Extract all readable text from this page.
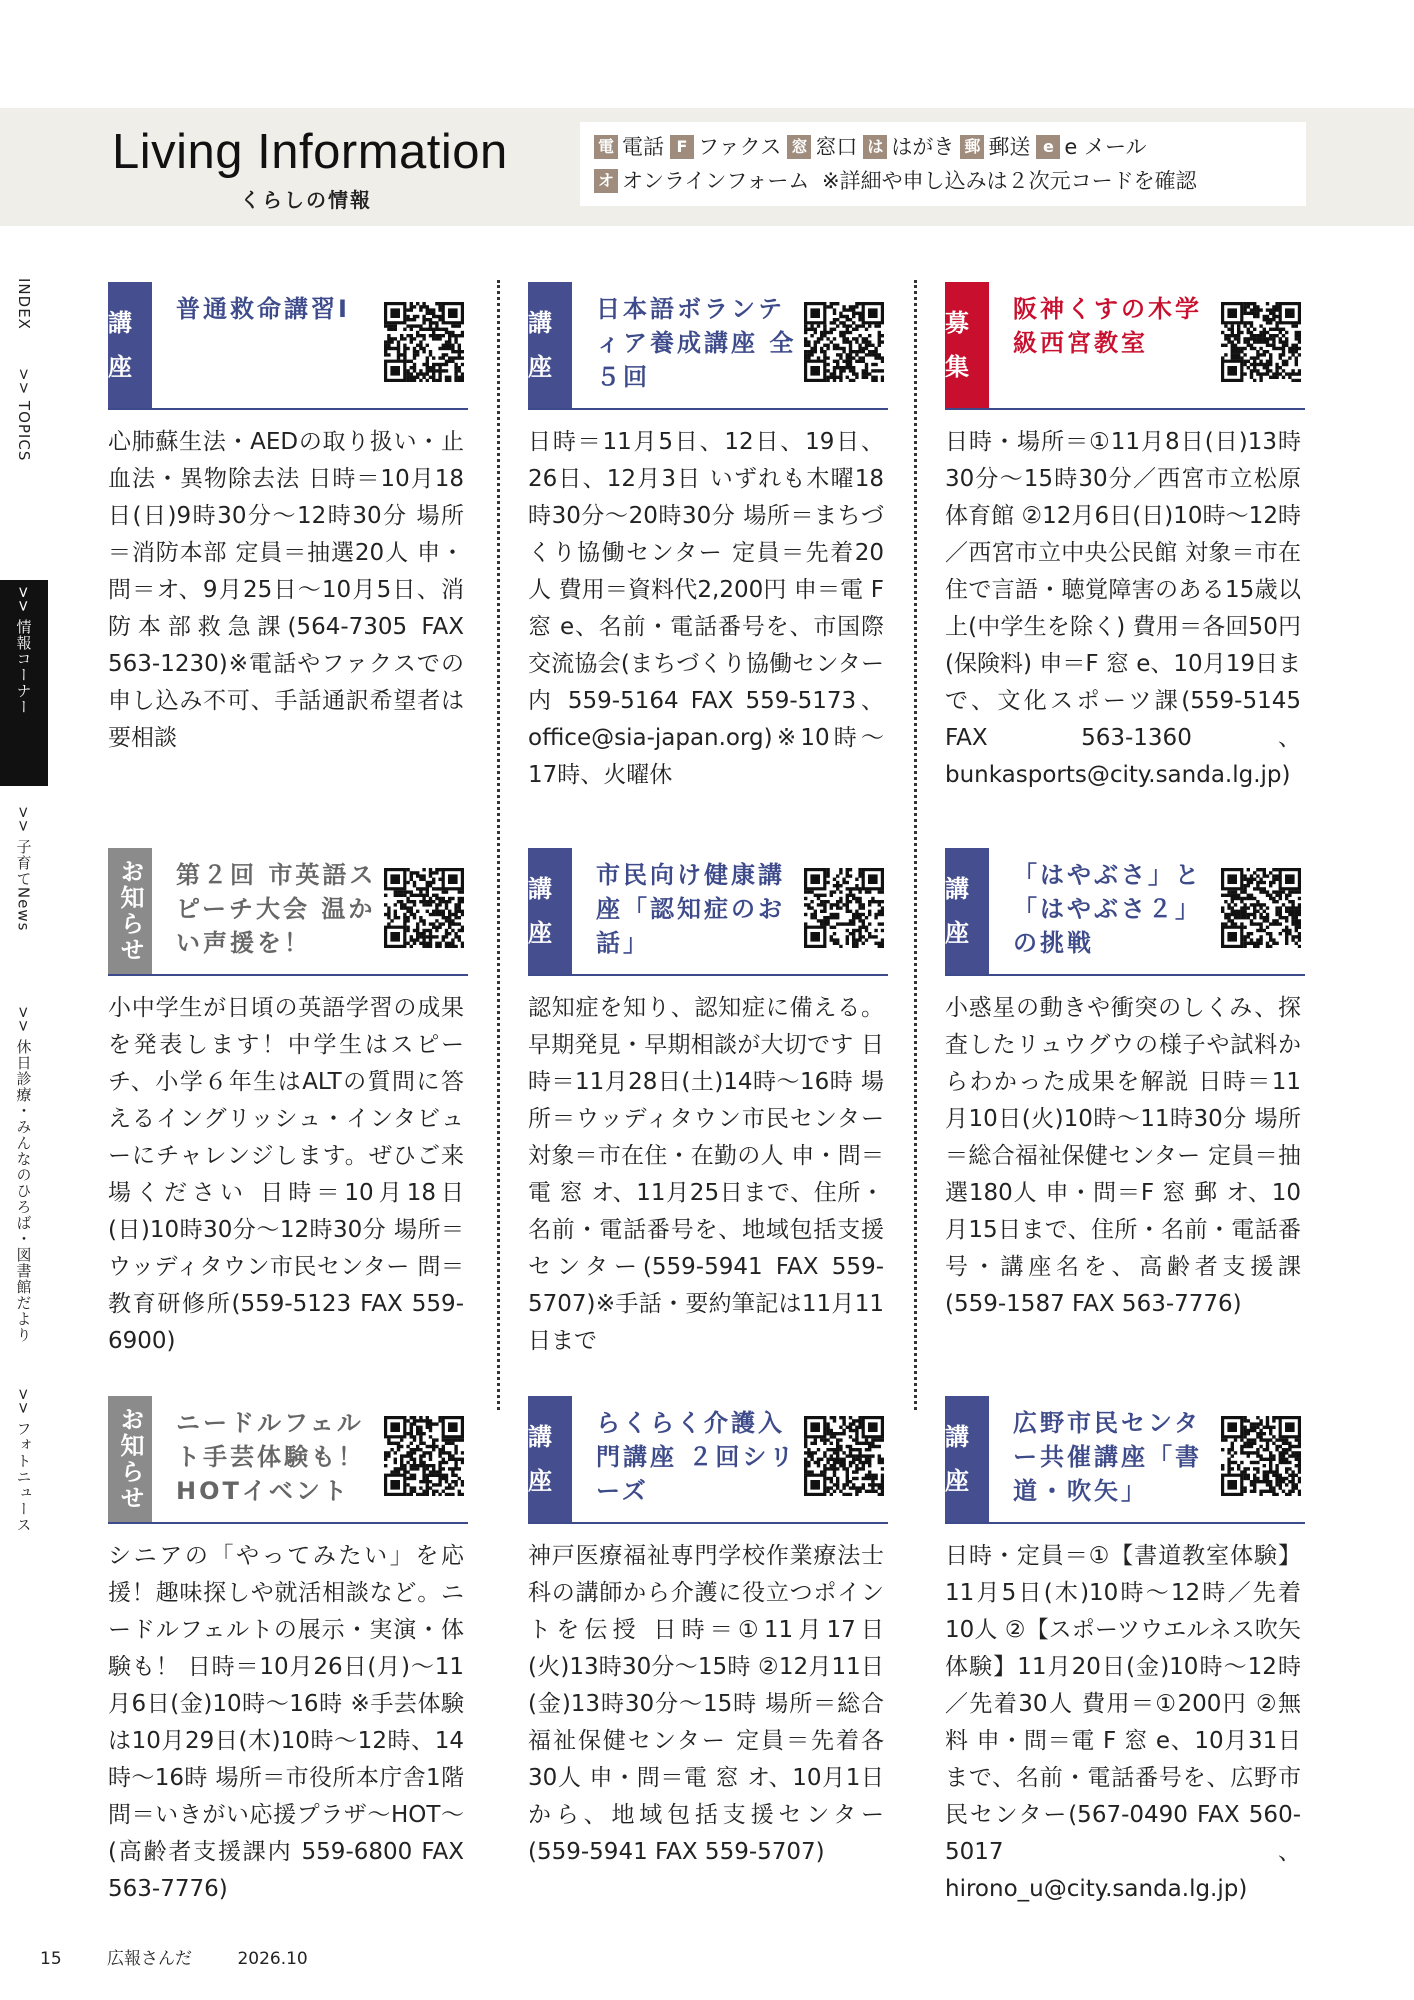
Living Information
くらしの情報
電 電話 F ファクス 窓 窓口 は はがき 郵 郵送 e e メール
オ オンラインフォーム ※詳細や申し込みは２次元コードを確認
INDEX
>> TOPICS
>> 情報コーナー
>> 子育てNews
>> 休日診療・みんなのひろば・図書館だより
>> フォトニュース
講座
普通救命講習Ⅰ
心肺蘇生法・AEDの取り扱い・止血法・異物除去法 日時＝10月18日(日)9時30分～12時30分 場所＝消防本部 定員＝抽選20人 申・問＝オ、9月25日～10月5日、消防本部救急課(564-7305 FAX 563-1230)※電話やファクスでの申し込み不可、手話通訳希望者は要相談
講座
日本語ボランティア養成講座 全５回
日時＝11月5日、12日、19日、26日、12月3日 いずれも木曜18時30分～20時30分 場所＝まちづくり協働センター 定員＝先着20人 費用＝資料代2,200円 申＝電 F 窓 e、名前・電話番号を、市国際交流協会(まちづくり協働センター内 559-5164 FAX 559-5173、office@sia-japan.org)※10時～17時、火曜休
募集
阪神くすの木学級西宮教室
日時・場所＝①11月8日(日)13時30分～15時30分／西宮市立松原体育館 ②12月6日(日)10時～12時／西宮市立中央公民館 対象＝市在住で言語・聴覚障害のある15歳以上(中学生を除く) 費用＝各回50円(保険料) 申＝F 窓 e、10月19日まで、文化スポーツ課(559-5145 FAX 563-1360、bunkasports@city.sanda.lg.jp)
お知らせ	第２回 市英語スピーチ大会 温かい声援を！
小中学生が日頃の英語学習の成果を発表します！中学生はスピーチ、小学６年生はALTの質問に答えるイングリッシュ・インタビューにチャレンジします。ぜひご来場ください 日時＝10月18日(日)10時30分～12時30分 場所＝ウッディタウン市民センター 問＝教育研修所(559-5123 FAX 559-6900)
講座
市民向け健康講座「認知症のお話」
認知症を知り、認知症に備える。早期発見・早期相談が大切です 日時＝11月28日(土)14時～16時 場所＝ウッディタウン市民センター 対象＝市在住・在勤の人 申・問＝電 窓 オ、11月25日まで、住所・名前・電話番号を、地域包括支援センター(559-5941 FAX 559-5707)※手話・要約筆記は11月11日まで
講座
「はやぶさ」と「はやぶさ２」の挑戦
小惑星の動きや衝突のしくみ、探査したリュウグウの様子や試料からわかった成果を解説 日時＝11月10日(火)10時～11時30分 場所＝総合福祉保健センター 定員＝抽選180人 申・問＝F 窓 郵 オ、10月15日まで、住所・名前・電話番号・講座名を、高齢者支援課(559-1587 FAX 563-7776)
お知らせ	ニードルフェルト手芸体験も！HOTイベント
シニアの「やってみたい」を応援！趣味探しや就活相談など。ニードルフェルトの展示・実演・体験も！ 日時＝10月26日(月)～11月6日(金)10時～16時 ※手芸体験は10月29日(木)10時～12時、14時～16時 場所＝市役所本庁舎1階 問＝いきがい応援プラザ～HOT～(高齢者支援課内 559-6800 FAX 563-7776)
講座
らくらく介護入門講座 ２回シリーズ
神戸医療福祉専門学校作業療法士科の講師から介護に役立つポイントを伝授 日時＝①11月17日(火)13時30分～15時 ②12月11日(金)13時30分～15時 場所＝総合福祉保健センター 定員＝先着各30人 申・問＝電 窓 オ、10月1日から、地域包括支援センター(559-5941 FAX 559-5707)
講座
広野市民センター共催講座「書道・吹矢」
日時・定員＝①【書道教室体験】11月5日(木)10時～12時／先着10人 ②【スポーツウエルネス吹矢体験】11月20日(金)10時～12時／先着30人 費用＝①200円 ②無料 申・問＝電 F 窓 e、10月31日まで、名前・電話番号を、広野市民センター(567-0490 FAX 560-5017、hirono_u@city.sanda.lg.jp)
15	広報さんだ	2026.10
